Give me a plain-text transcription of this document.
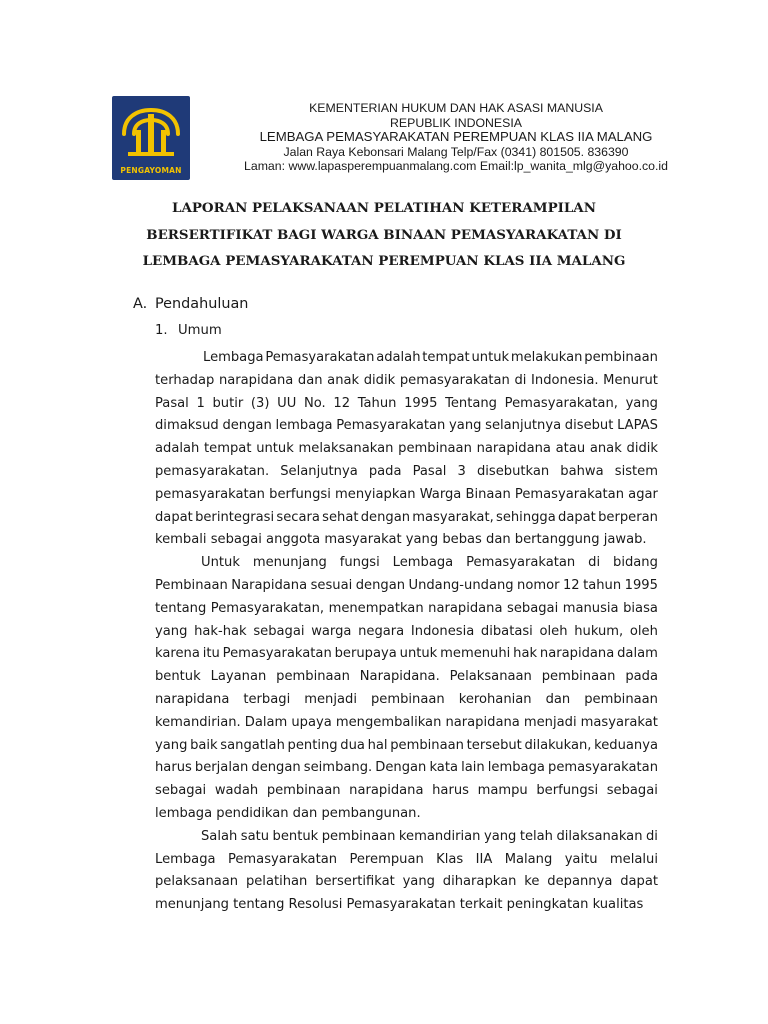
PENGAYOMAN
KEMENTERIAN HUKUM DAN HAK ASASI MANUSIA
REPUBLIK INDONESIA
LEMBAGA PEMASYARAKATAN PEREMPUAN KLAS IIA MALANG
Jalan Raya Kebonsari Malang Telp/Fax (0341) 801505. 836390
Laman: www.lapasperempuanmalang.com Email:lp_wanita_mlg@yahoo.co.id
LAPORAN PELAKSANAAN PELATIHAN KETERAMPILAN
BERSERTIFIKAT BAGI WARGA BINAAN PEMASYARAKATAN DI
LEMBAGA PEMASYARAKATAN PEREMPUAN KLAS IIA MALANG
A. Pendahuluan
1. Umum
Lembaga Pemasyarakatan adalah tempat untuk melakukan pembinaan
terhadap narapidana dan anak didik pemasyarakatan di Indonesia. Menurut
Pasal 1 butir (3) UU No. 12 Tahun 1995 Tentang Pemasyarakatan, yang
dimaksud dengan lembaga Pemasyarakatan yang selanjutnya disebut LAPAS
adalah tempat untuk melaksanakan pembinaan narapidana atau anak didik
pemasyarakatan. Selanjutnya pada Pasal 3 disebutkan bahwa sistem
pemasyarakatan berfungsi menyiapkan Warga Binaan Pemasyarakatan agar
dapat berintegrasi secara sehat dengan masyarakat, sehingga dapat berperan
kembali sebagai anggota masyarakat yang bebas dan bertanggung jawab.
Untuk menunjang fungsi Lembaga Pemasyarakatan di bidang
Pembinaan Narapidana sesuai dengan Undang-undang nomor 12 tahun 1995
tentang Pemasyarakatan, menempatkan narapidana sebagai manusia biasa
yang hak-hak sebagai warga negara Indonesia dibatasi oleh hukum, oleh
karena itu Pemasyarakatan berupaya untuk memenuhi hak narapidana dalam
bentuk Layanan pembinaan Narapidana. Pelaksanaan pembinaan pada
narapidana terbagi menjadi pembinaan kerohanian dan pembinaan
kemandirian. Dalam upaya mengembalikan narapidana menjadi masyarakat
yang baik sangatlah penting dua hal pembinaan tersebut dilakukan, keduanya
harus berjalan dengan seimbang. Dengan kata lain lembaga pemasyarakatan
sebagai wadah pembinaan narapidana harus mampu berfungsi sebagai
lembaga pendidikan dan pembangunan.
Salah satu bentuk pembinaan kemandirian yang telah dilaksanakan di
Lembaga Pemasyarakatan Perempuan Klas IIA Malang yaitu melalui
pelaksanaan pelatihan bersertifikat yang diharapkan ke depannya dapat
menunjang tentang Resolusi Pemasyarakatan terkait peningkatan kualitas
